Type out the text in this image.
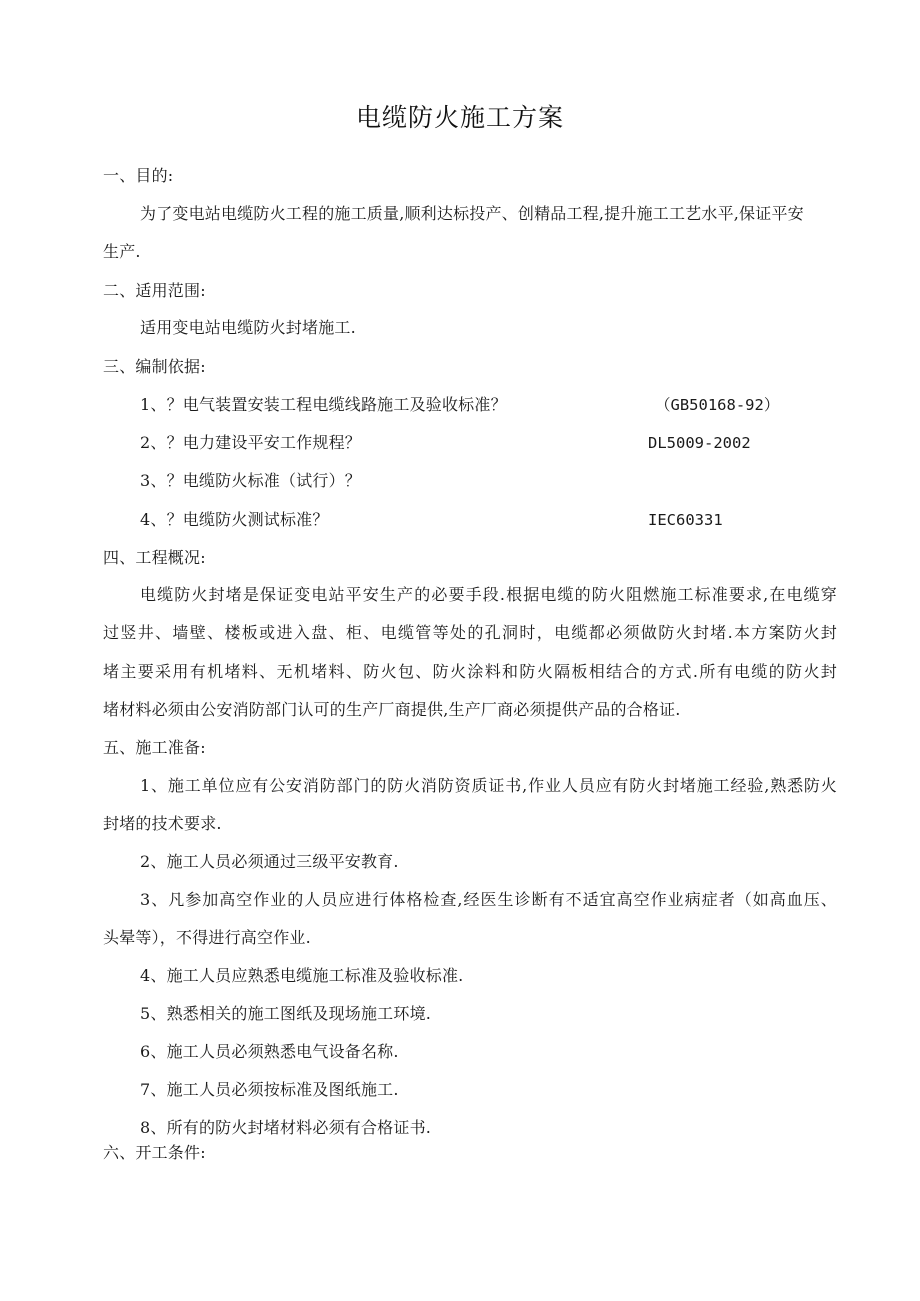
电缆防火施工方案
一、目的:
为了变电站电缆防火工程的施工质量,顺利达标投产、创精品工程,提升施工工艺水平,保证平安
生产.
二、适用范围:
适用变电站电缆防火封堵施工.
三、编制依据:
1、？电气装置安装工程电缆线路施工及验收标准？	（GB50168-92）
2、？电力建设平安工作规程？	DL5009-2002
3、？电缆防火标准（试行）？
4、？电缆防火测试标准？	IEC60331
四、工程概况:
电缆防火封堵是保证变电站平安生产的必要手段.根据电缆的防火阻燃施工标准要求,在电缆穿
过竖井、墙壁、楼板或进入盘、柜、电缆管等处的孔洞时，电缆都必须做防火封堵.本方案防火封
堵主要采用有机堵料、无机堵料、防火包、防火涂料和防火隔板相结合的方式.所有电缆的防火封
堵材料必须由公安消防部门认可的生产厂商提供,生产厂商必须提供产品的合格证.
五、施工准备:
1、施工单位应有公安消防部门的防火消防资质证书,作业人员应有防火封堵施工经验,熟悉防火
封堵的技术要求.
2、施工人员必须通过三级平安教育.
3、凡参加高空作业的人员应进行体格检查,经医生诊断有不适宜高空作业病症者（如高血压、
头晕等），不得进行高空作业.
4、施工人员应熟悉电缆施工标准及验收标准.
5、熟悉相关的施工图纸及现场施工环境.
6、施工人员必须熟悉电气设备名称.
7、施工人员必须按标准及图纸施工.
8、所有的防火封堵材料必须有合格证书.
六、开工条件:
